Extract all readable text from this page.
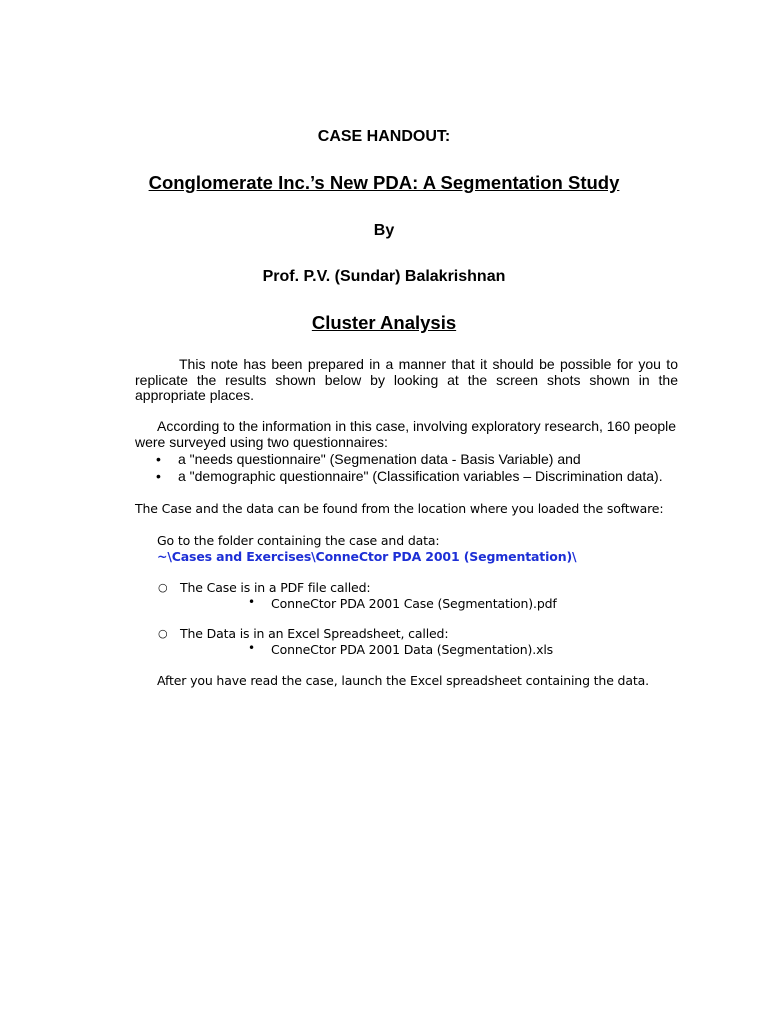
CASE HANDOUT:
Conglomerate Inc.’s New PDA: A Segmentation Study
By
Prof. P.V. (Sundar) Balakrishnan
Cluster Analysis
This note has been prepared in a manner that it should be possible for you to replicate the results shown below by looking at the screen shots shown in the appropriate places.
According to the information in this case, involving exploratory research, 160 people were surveyed using two questionnaires:
• a "needs questionnaire" (Segmenation data - Basis Variable) and
• a "demographic questionnaire" (Classification variables – Discrimination data).
The Case and the data can be found from the location where you loaded the software:
Go to the folder containing the case and data:
~\Cases and Exercises\ConneCtor PDA 2001 (Segmentation)\
○ The Case is in a PDF file called:
• ConneCtor PDA 2001 Case (Segmentation).pdf
○ The Data is in an Excel Spreadsheet, called:
• ConneCtor PDA 2001 Data (Segmentation).xls
After you have read the case, launch the Excel spreadsheet containing the data.
